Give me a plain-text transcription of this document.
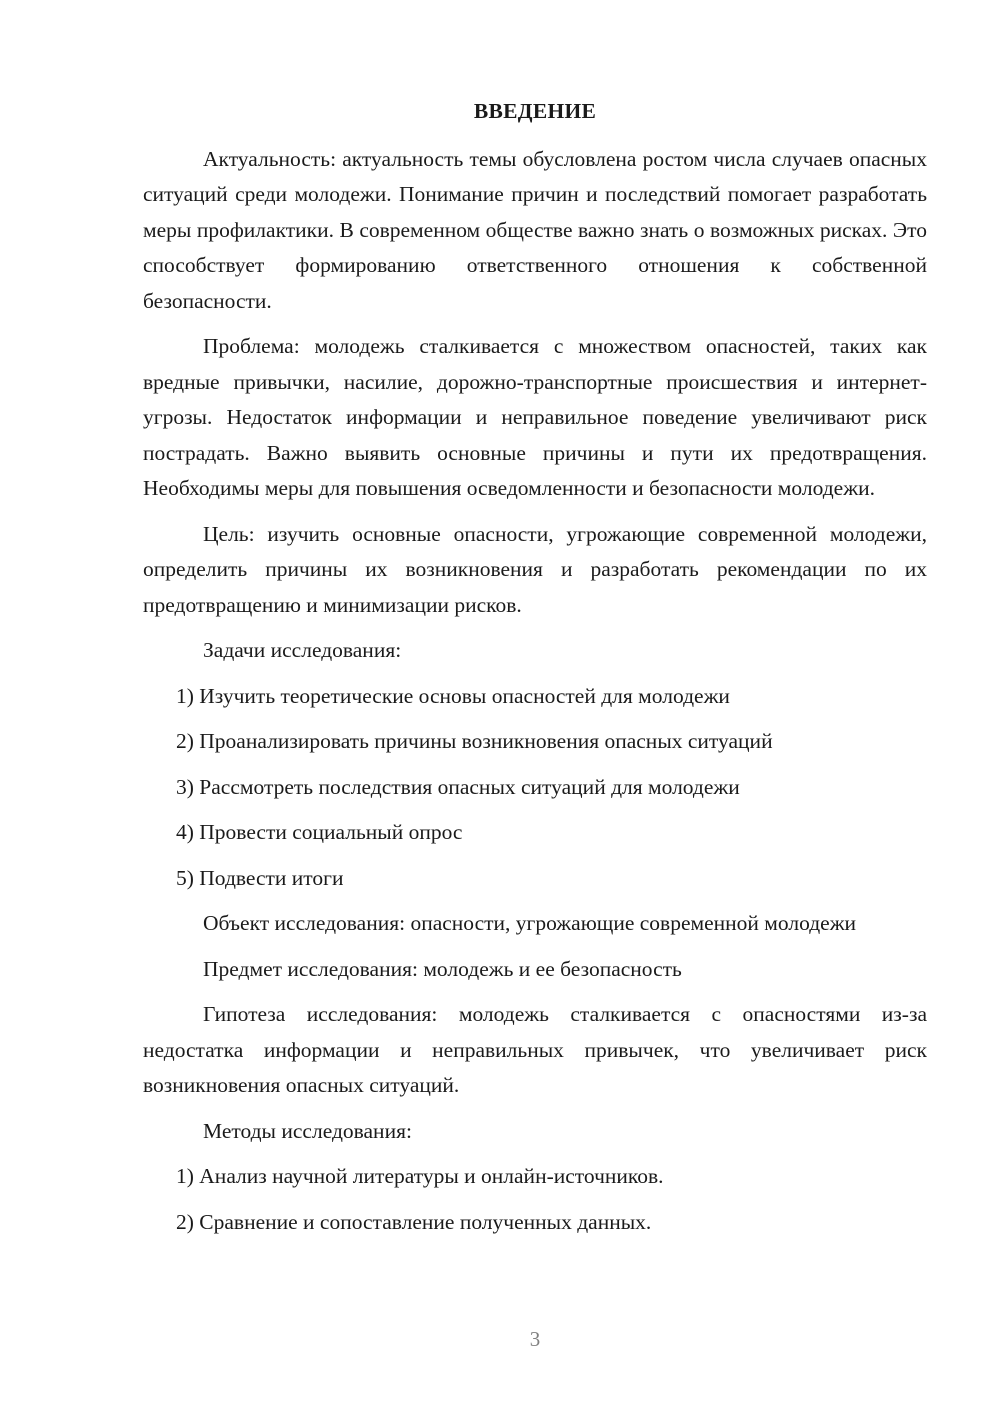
ВВЕДЕНИЕ

Актуальность: актуальность темы обусловлена ростом числа случаев опасных ситуаций среди молодежи. Понимание причин и последствий помогает разработать меры профилактики. В современном обществе важно знать о возможных рисках. Это способствует формированию ответственного отношения к собственной безопасности.

Проблема: молодежь сталкивается с множеством опасностей, таких как вредные привычки, насилие, дорожно-транспортные происшествия и интернет-угрозы. Недостаток информации и неправильное поведение увеличивают риск пострадать. Важно выявить основные причины и пути их предотвращения. Необходимы меры для повышения осведомленности и безопасности молодежи.

Цель: изучить основные опасности, угрожающие современной молодежи, определить причины их возникновения и разработать рекомендации по их предотвращению и минимизации рисков.

Задачи исследования:

1) Изучить теоретические основы опасностей для молодежи
2) Проанализировать причины возникновения опасных ситуаций
3) Рассмотреть последствия опасных ситуаций для молодежи
4) Провести социальный опрос
5) Подвести итоги

Объект исследования: опасности, угрожающие современной молодежи

Предмет исследования: молодежь и ее безопасность

Гипотеза исследования: молодежь сталкивается с опасностями из-за недостатка информации и неправильных привычек, что увеличивает риск возникновения опасных ситуаций.

Методы исследования:

1) Анализ научной литературы и онлайн-источников.
2) Сравнение и сопоставление полученных данных.
3
